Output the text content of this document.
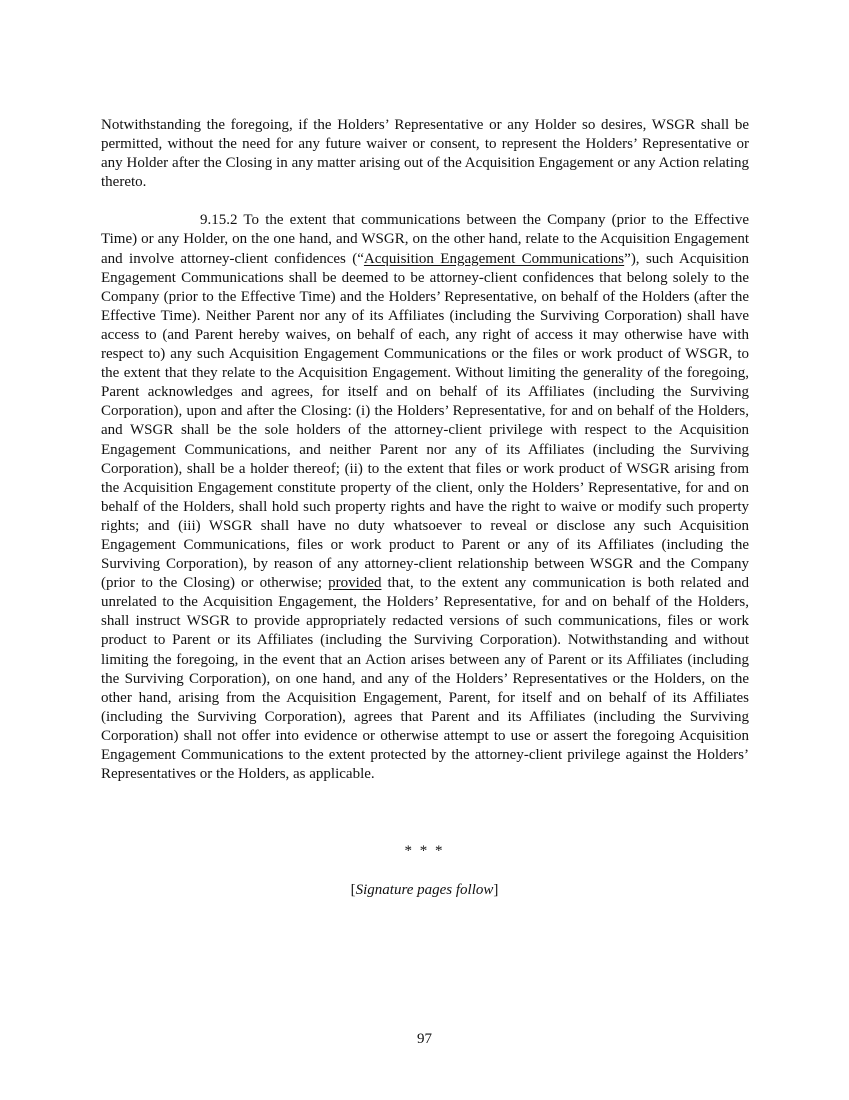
Notwithstanding the foregoing, if the Holders’ Representative or any Holder so desires, WSGR shall be permitted, without the need for any future waiver or consent, to represent the Holders’ Representative or any Holder after the Closing in any matter arising out of the Acquisition Engagement or any Action relating thereto.

9.15.2 To the extent that communications between the Company (prior to the Effective Time) or any Holder, on the one hand, and WSGR, on the other hand, relate to the Acquisition Engagement and involve attorney-client confidences (“Acquisition Engagement Communications”), such Acquisition Engagement Communications shall be deemed to be attorney-client confidences that belong solely to the Company (prior to the Effective Time) and the Holders’ Representative, on behalf of the Holders (after the Effective Time). Neither Parent nor any of its Affiliates (including the Surviving Corporation) shall have access to (and Parent hereby waives, on behalf of each, any right of access it may otherwise have with respect to) any such Acquisition Engagement Communications or the files or work product of WSGR, to the extent that they relate to the Acquisition Engagement. Without limiting the generality of the foregoing, Parent acknowledges and agrees, for itself and on behalf of its Affiliates (including the Surviving Corporation), upon and after the Closing: (i) the Holders’ Representative, for and on behalf of the Holders, and WSGR shall be the sole holders of the attorney-client privilege with respect to the Acquisition Engagement Communications, and neither Parent nor any of its Affiliates (including the Surviving Corporation), shall be a holder thereof; (ii) to the extent that files or work product of WSGR arising from the Acquisition Engagement constitute property of the client, only the Holders’ Representative, for and on behalf of the Holders, shall hold such property rights and have the right to waive or modify such property rights; and (iii) WSGR shall have no duty whatsoever to reveal or disclose any such Acquisition Engagement Communications, files or work product to Parent or any of its Affiliates (including the Surviving Corporation), by reason of any attorney-client relationship between WSGR and the Company (prior to the Closing) or otherwise; provided that, to the extent any communication is both related and unrelated to the Acquisition Engagement, the Holders’ Representative, for and on behalf of the Holders, shall instruct WSGR to provide appropriately redacted versions of such communications, files or work product to Parent or its Affiliates (including the Surviving Corporation). Notwithstanding and without limiting the foregoing, in the event that an Action arises between any of Parent or its Affiliates (including the Surviving Corporation), on one hand, and any of the Holders’ Representatives or the Holders, on the other hand, arising from the Acquisition Engagement, Parent, for itself and on behalf of its Affiliates (including the Surviving Corporation), agrees that Parent and its Affiliates (including the Surviving Corporation) shall not offer into evidence or otherwise attempt to use or assert the foregoing Acquisition Engagement Communications to the extent protected by the attorney-client privilege against the Holders’ Representatives or the Holders, as applicable.

* * *
[Signature pages follow]
97
